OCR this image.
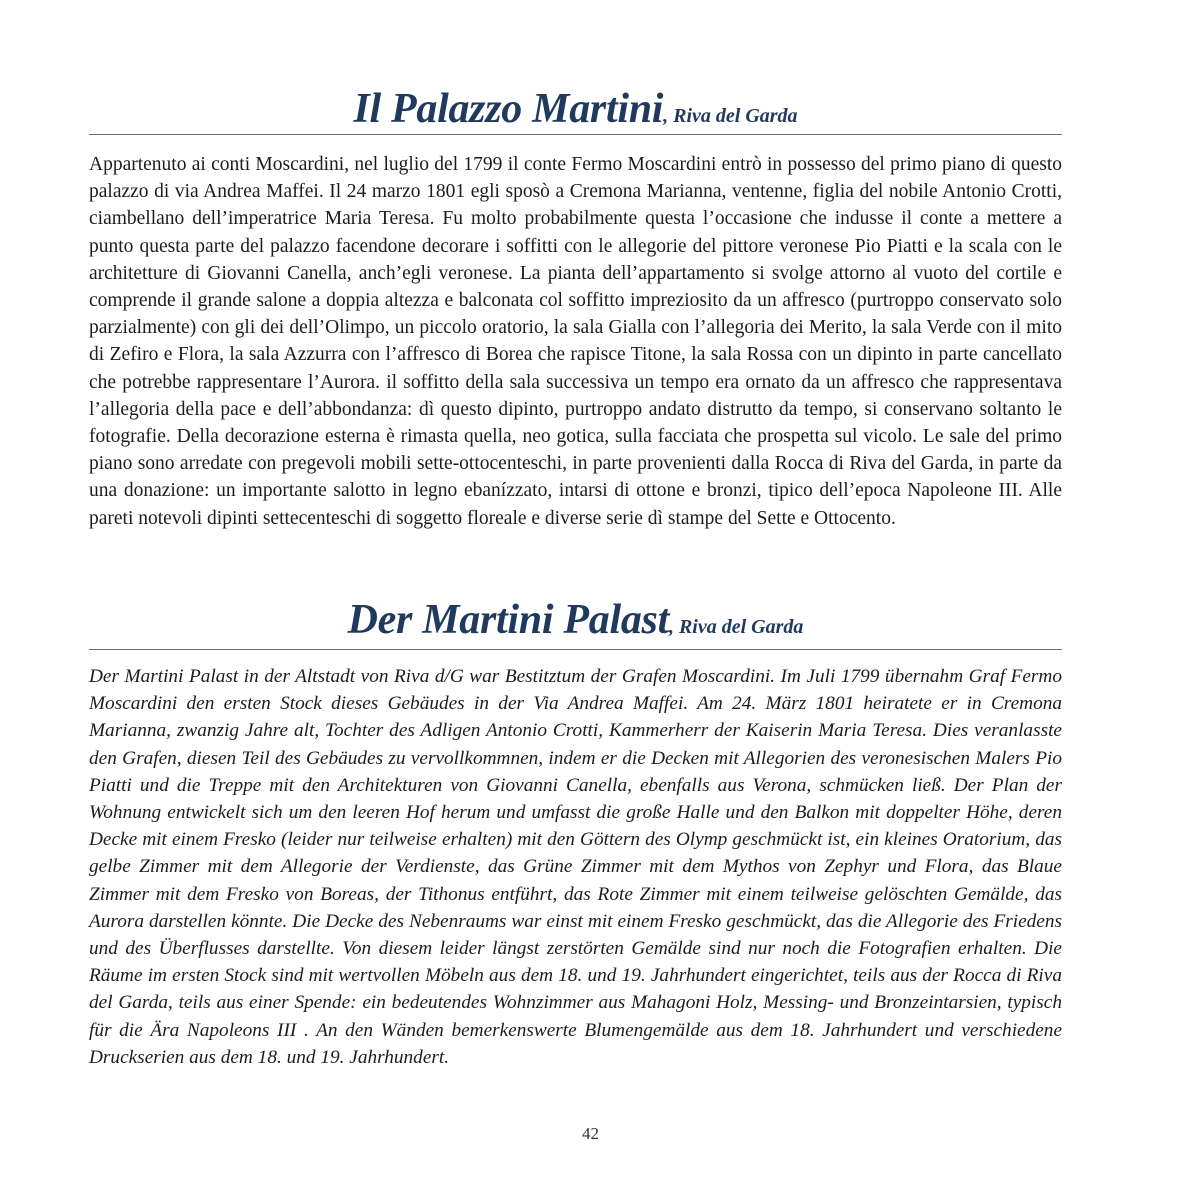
Il Palazzo Martini, Riva del Garda

Appartenuto ai conti Moscardini, nel luglio del 1799 il conte Fermo Moscardini entrò in possesso del primo piano di questo palazzo di via Andrea Maffei. Il 24 marzo 1801 egli sposò a Cremona Marianna, ventenne, figlia del nobile Antonio Crotti, ciambellano dell’imperatrice Maria Teresa. Fu molto probabilmente questa l’occasione che indusse il conte a mettere a punto questa parte del palazzo facendone decorare i soffitti con le allegorie del pittore veronese Pio Piatti e la scala con le architetture di Giovanni Canella, anch’egli veronese. La pianta dell’appartamento si svolge attorno al vuoto del cortile e comprende il grande salone a doppia altezza e balconata col soffitto impreziosito da un affresco (purtroppo conservato solo parzialmente) con gli dei dell’Olimpo, un piccolo oratorio, la sala Gialla con l’allegoria dei Merito, la sala Verde con il mito di Zefiro e Flora, la sala Azzurra con l’affresco di Borea che rapisce Titone, la sala Rossa con un dipinto in parte cancellato che potrebbe rappresentare l’Aurora. il soffitto della sala successiva un tempo era ornato da un affresco che rappresentava l’allegoria della pace e dell’abbondanza: dì questo dipinto, purtroppo andato distrutto da tempo, si conservano soltanto le fotografie. Della decorazione esterna è rimasta quella, neo gotica, sulla facciata che prospetta sul vicolo. Le sale del primo piano sono arredate con pregevoli mobili sette-ottocenteschi, in parte provenienti dalla Rocca di Riva del Garda, in parte da una donazione: un importante salotto in legno ebanízzato, intarsi di ottone e bronzi, tipico dell’epoca Napoleone III. Alle pareti notevoli dipinti settecenteschi di soggetto floreale e diverse serie dì stampe del Sette e Ottocento.

Der Martini Palast, Riva del Garda

Der Martini Palast in der Altstadt von Riva d/G war Bestitztum der Grafen Moscardini. Im Juli 1799 übernahm Graf Fermo Moscardini den ersten Stock dieses Gebäudes in der Via Andrea Maffei. Am 24. März 1801 heiratete er in Cremona Marianna, zwanzig Jahre alt, Tochter des Adligen Antonio Crotti, Kammerherr der Kaiserin Maria Teresa. Dies veranlasste den Grafen, diesen Teil des Gebäudes zu vervollkommnen, indem er die Decken mit Allegorien des veronesischen Malers Pio Piatti und die Treppe mit den Architekturen von Giovanni Canella, ebenfalls aus Verona, schmücken ließ. Der Plan der Wohnung entwickelt sich um den leeren Hof herum und umfasst die große Halle und den Balkon mit doppelter Höhe, deren Decke mit einem Fresko (leider nur teilweise erhalten) mit den Göttern des Olymp geschmückt ist, ein kleines Oratorium, das gelbe Zimmer mit dem Allegorie der Verdienste, das Grüne Zimmer mit dem Mythos von Zephyr und Flora, das Blaue Zimmer mit dem Fresko von Boreas, der Tithonus entführt, das Rote Zimmer mit einem teilweise gelöschten Gemälde, das Aurora darstellen könnte. Die Decke des Nebenraums war einst mit einem Fresko geschmückt, das die Allegorie des Friedens und des Überflusses darstellte. Von diesem leider längst zerstörten Gemälde sind nur noch die Fotografien erhalten. Die Räume im ersten Stock sind mit wertvollen Möbeln aus dem 18. und 19. Jahrhundert eingerichtet, teils aus der Rocca di Riva del Garda, teils aus einer Spende: ein bedeutendes Wohnzimmer aus Mahagoni Holz, Messing- und Bronzeintarsien, typisch für die Ära Napoleons III . An den Wänden bemerkenswerte Blumengemälde aus dem 18. Jahrhundert und verschiedene Druckserien aus dem 18. und 19. Jahrhundert.

42
